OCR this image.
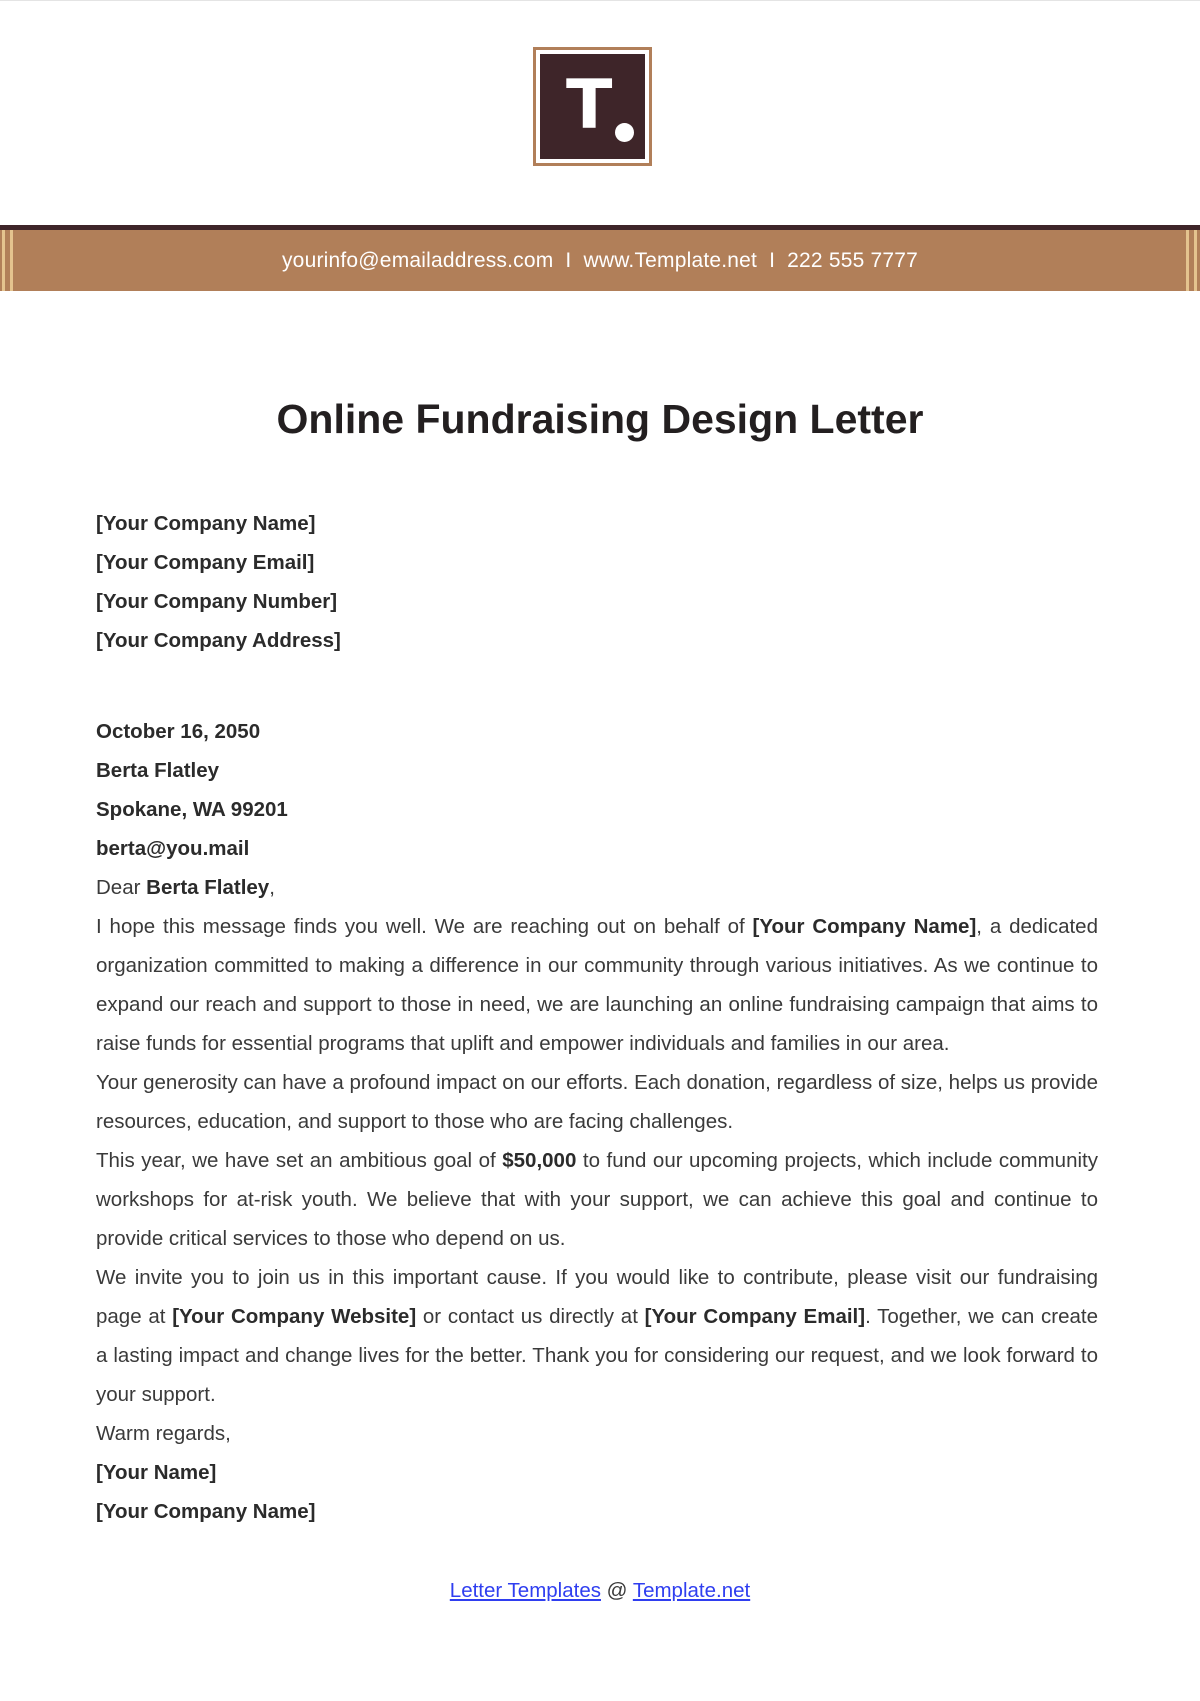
T
yourinfo@emailaddress.com I www.Template.net I 222 555 7777
Online Fundraising Design Letter

[Your Company Name]

[Your Company Email]

[Your Company Number]

[Your Company Address]

October 16, 2050

Berta Flatley

Spokane, WA 99201

berta@you.mail

Dear Berta Flatley,

I hope this message finds you well. We are reaching out on behalf of [Your Company Name], a dedicated organization committed to making a difference in our community through various initiatives. As we continue to expand our reach and support to those in need, we are launching an online fundraising campaign that aims to raise funds for essential programs that uplift and empower individuals and families in our area.

Your generosity can have a profound impact on our efforts. Each donation, regardless of size, helps us provide resources, education, and support to those who are facing challenges.

This year, we have set an ambitious goal of $50,000 to fund our upcoming projects, which include community workshops for at-risk youth. We believe that with your support, we can achieve this goal and continue to provide critical services to those who depend on us.

We invite you to join us in this important cause. If you would like to contribute, please visit our fundraising page at [Your Company Website] or contact us directly at [Your Company Email]. Together, we can create a lasting impact and change lives for the better. Thank you for considering our request, and we look forward to your support.

Warm regards,

[Your Name]

[Your Company Name]

Letter Templates @ Template.net
